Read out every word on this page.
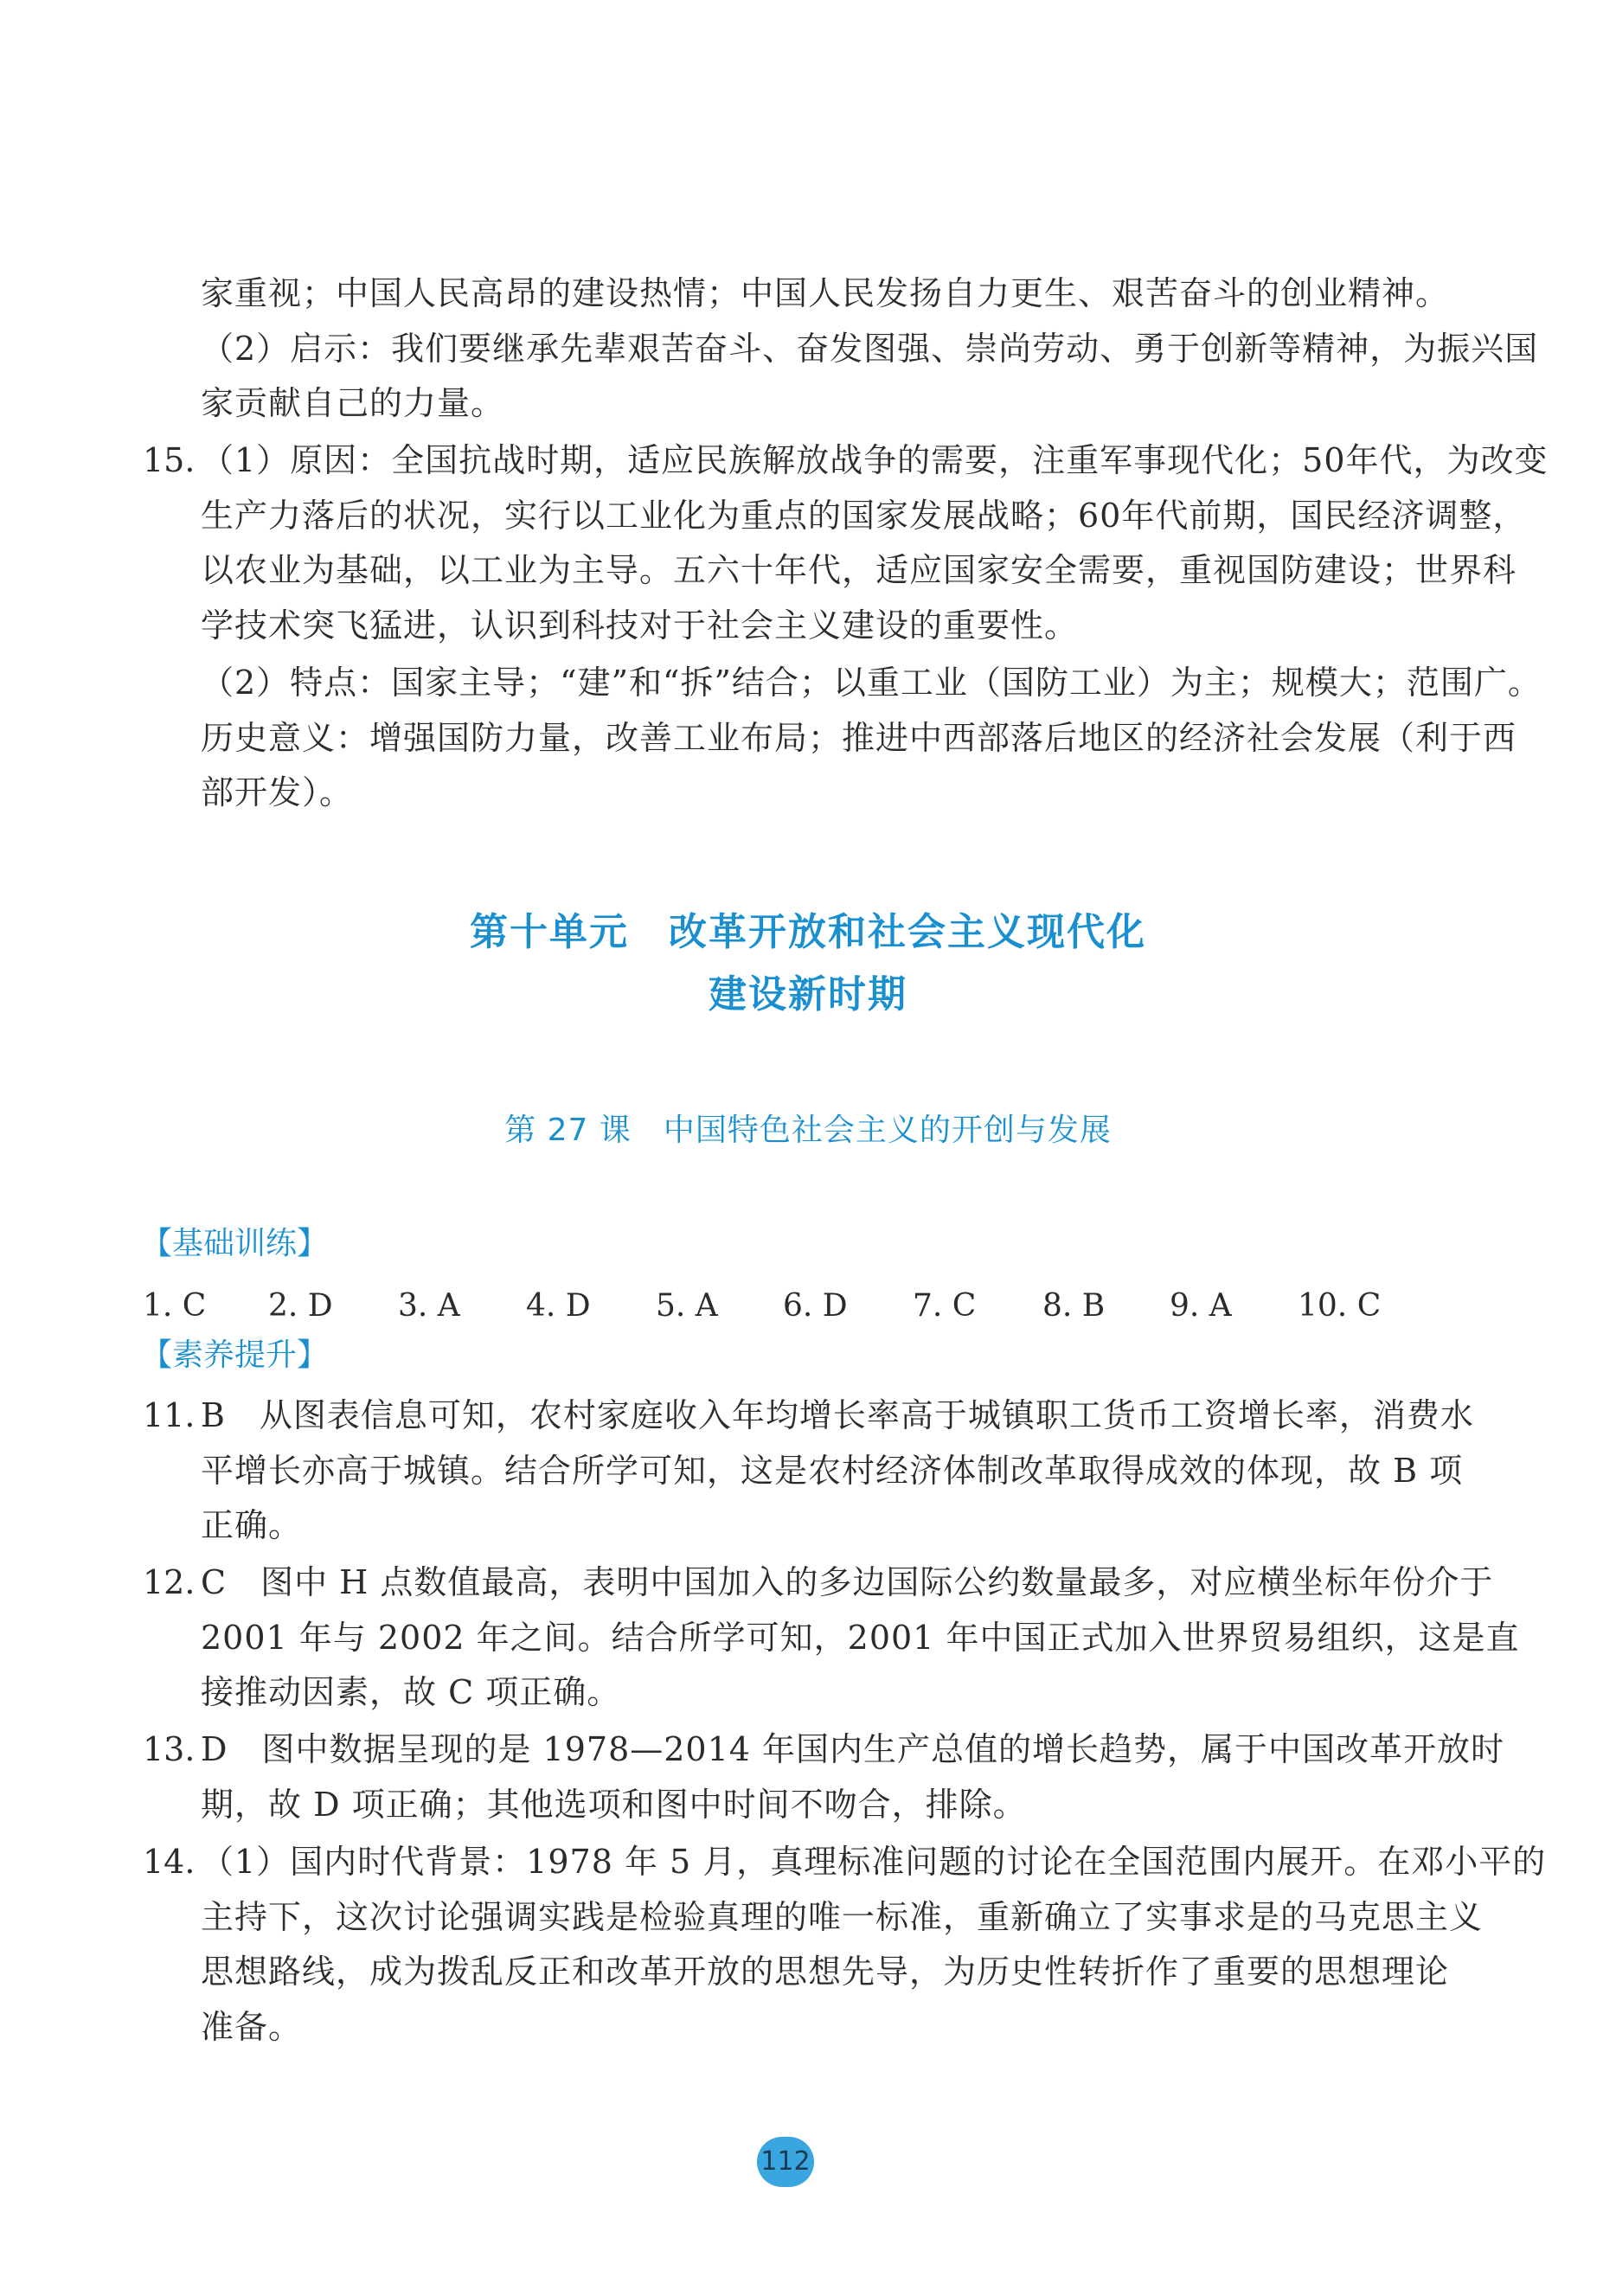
家重视；中国人民高昂的建设热情；中国人民发扬自力更生、艰苦奋斗的创业精神。
（2）启示：我们要继承先辈艰苦奋斗、奋发图强、崇尚劳动、勇于创新等精神，为振兴国
家贡献自己的力量。
15. （1）原因：全国抗战时期，适应民族解放战争的需要，注重军事现代化；50年代，为改变
生产力落后的状况，实行以工业化为重点的国家发展战略；60年代前期，国民经济调整，
以农业为基础，以工业为主导。五六十年代，适应国家安全需要，重视国防建设；世界科
学技术突飞猛进，认识到科技对于社会主义建设的重要性。
（2）特点：国家主导；“建”和“拆”结合；以重工业（国防工业）为主；规模大；范围广。
历史意义：增强国防力量，改善工业布局；推进中西部落后地区的经济社会发展（利于西
部开发）。
第十单元　改革开放和社会主义现代化
建设新时期
第 27 课　中国特色社会主义的开创与发展
【基础训练】
1. C 2. D 3. A 4. D 5. A 6. D 7. C 8. B 9. A 10. C
【素养提升】
11. B　从图表信息可知，农村家庭收入年均增长率高于城镇职工货币工资增长率，消费水
平增长亦高于城镇。结合所学可知，这是农村经济体制改革取得成效的体现，故 B 项
正确。
12. C　图中 H 点数值最高，表明中国加入的多边国际公约数量最多，对应横坐标年份介于
2001 年与 2002 年之间。结合所学可知，2001 年中国正式加入世界贸易组织，这是直
接推动因素，故 C 项正确。
13. D　图中数据呈现的是 1978—2014 年国内生产总值的增长趋势，属于中国改革开放时
期，故 D 项正确；其他选项和图中时间不吻合，排除。
14. （1）国内时代背景：1978 年 5 月，真理标准问题的讨论在全国范围内展开。在邓小平的
主持下，这次讨论强调实践是检验真理的唯一标准，重新确立了实事求是的马克思主义
思想路线，成为拨乱反正和改革开放的思想先导，为历史性转折作了重要的思想理论
准备。
112
